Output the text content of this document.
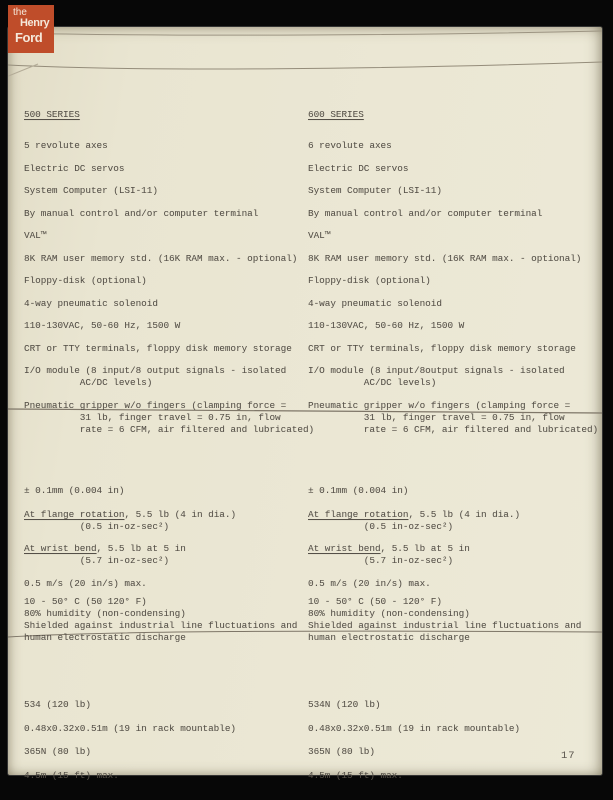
500 SERIES
5 revolute axes
Electric DC servos
System Computer (LSI-11)
By manual control and/or computer terminal
VAL™
8K RAM user memory std. (16K RAM max. - optional)
Floppy-disk (optional)
4-way pneumatic solenoid
110-130VAC, 50-60 Hz, 1500 W
CRT or TTY terminals, floppy disk memory storage
I/O module (8 input/8 output signals - isolated
AC/DC levels)
Pneumatic gripper w/o fingers (clamping force =
31 lb, finger travel = 0.75 in, flow
rate = 6 CFM, air filtered and lubricated)
600 SERIES
6 revolute axes
Electric DC servos
System Computer (LSI-11)
By manual control and/or computer terminal
VAL™
8K RAM user memory std. (16K RAM max. - optional)
Floppy-disk (optional)
4-way pneumatic solenoid
110-130VAC, 50-60 Hz, 1500 W
CRT or TTY terminals, floppy disk memory storage
I/O module (8 input/8output signals - isolated
AC/DC levels)
Pneumatic gripper w/o fingers (clamping force =
31 lb, finger travel = 0.75 in, flow
rate = 6 CFM, air filtered and lubricated)
± 0.1mm (0.004 in)
At flange rotation, 5.5 lb (4 in dia.)
(0.5 in-oz-sec²)
At wrist bend, 5.5 lb at 5 in
(5.7 in-oz-sec²)
0.5 m/s (20 in/s) max.
10 - 50° C (50 120° F)
80% humidity (non-condensing)
Shielded against industrial line fluctuations and
human electrostatic discharge
± 0.1mm (0.004 in)
At flange rotation, 5.5 lb (4 in dia.)
(0.5 in-oz-sec²)
At wrist bend, 5.5 lb at 5 in
(5.7 in-oz-sec²)
0.5 m/s (20 in/s) max.
10 - 50° C (50 - 120° F)
80% humidity (non-condensing)
Shielded against industrial line fluctuations and
human electrostatic discharge
534 (120 lb)
0.48x0.32x0.51m (19 in rack mountable)
365N (80 lb)
4.5m (15 ft) max.
534N (120 lb)
0.48x0.32x0.51m (19 in rack mountable)
365N (80 lb)
4.5m (15 ft) max.
the
Henry
Ford
17
